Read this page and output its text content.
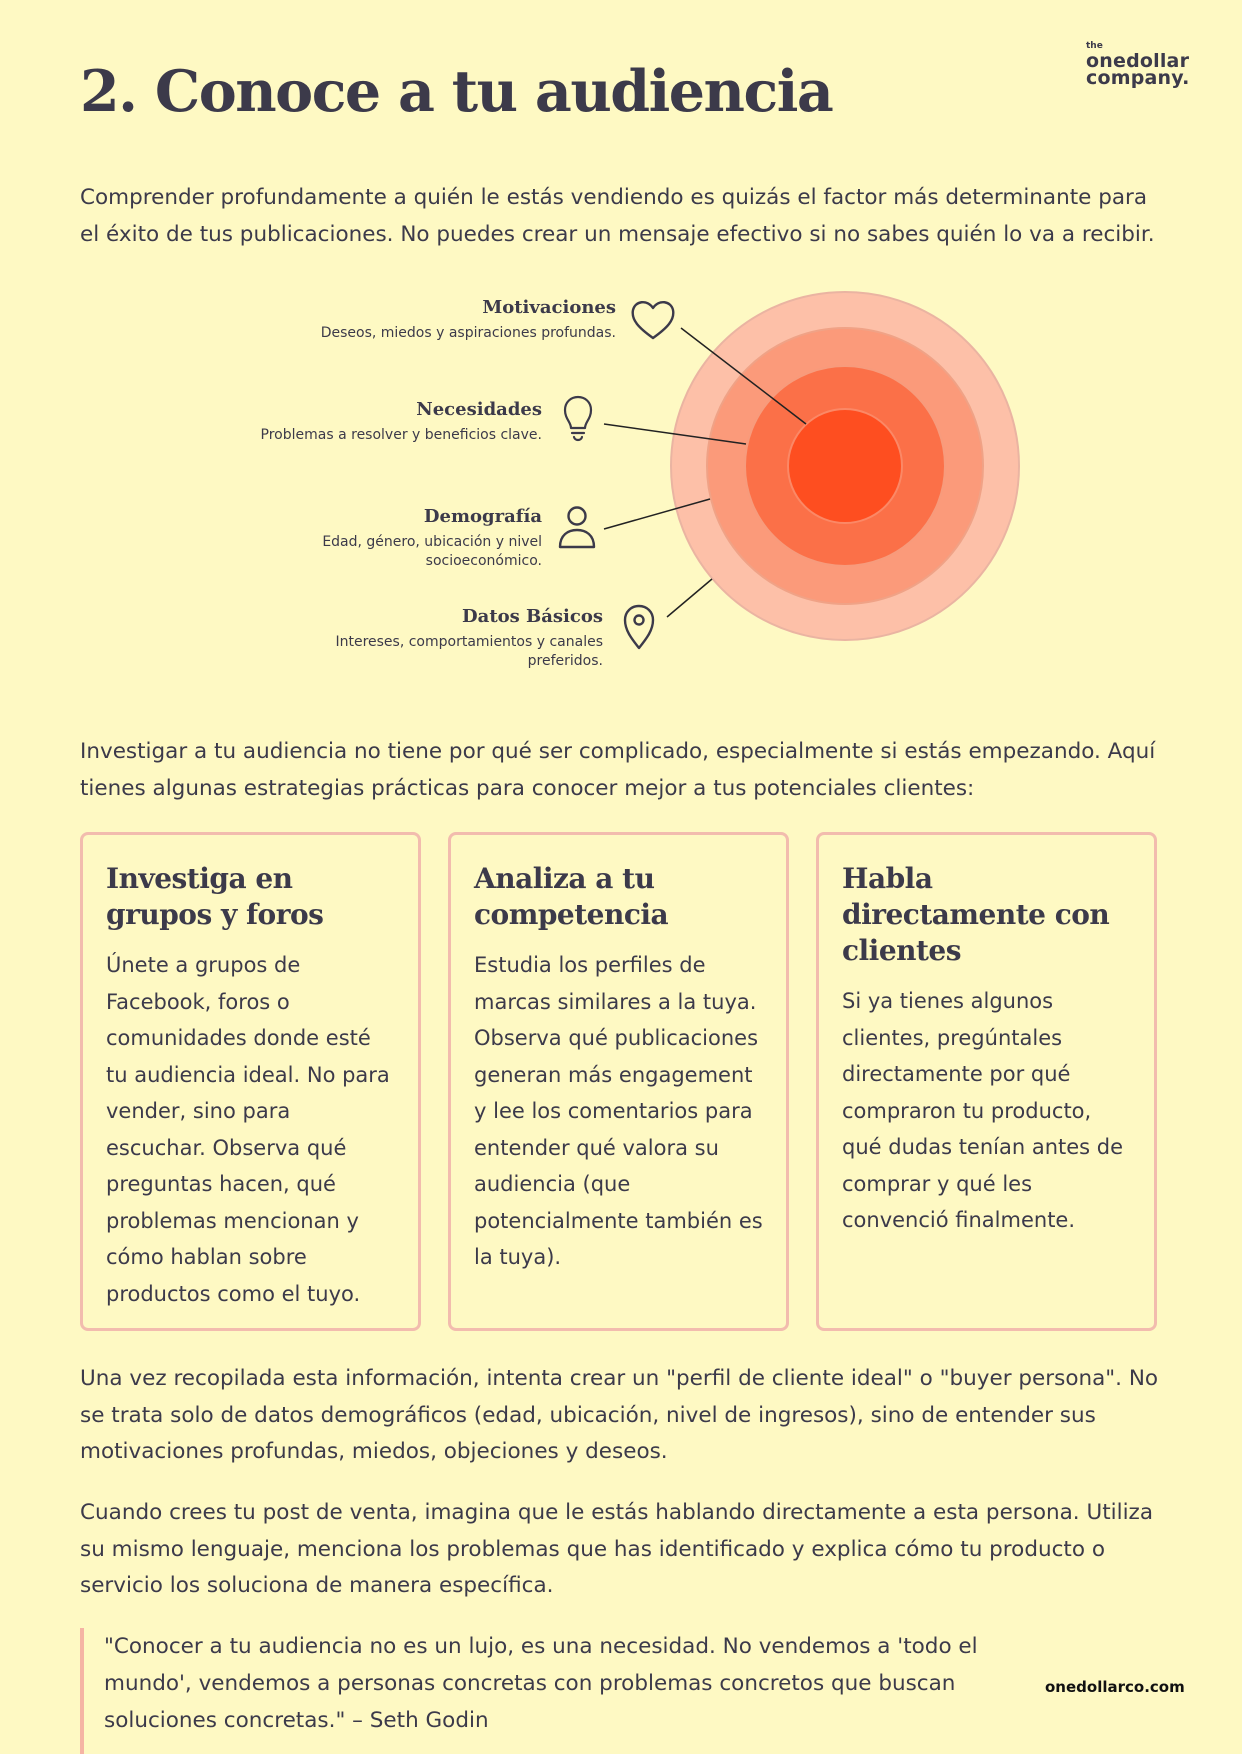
the
onedollar
company.
2. Conoce a tu audiencia

Comprender profundamente a quién le estás vendiendo es quizás el factor más determinante para el éxito de tus publicaciones. No puedes crear un mensaje efectivo si no sabes quién lo va a recibir.

Motivaciones
Deseos, miedos y aspiraciones profundas.
Necesidades
Problemas a resolver y beneficios clave.
Demografía
Edad, género, ubicación y nivel socioeconómico.
Datos Básicos
Intereses, comportamientos y canales preferidos.

Investigar a tu audiencia no tiene por qué ser complicado, especialmente si estás empezando. Aquí tienes algunas estrategias prácticas para conocer mejor a tus potenciales clientes:

Investiga en grupos y foros

Únete a grupos de Facebook, foros o comunidades donde esté tu audiencia ideal. No para vender, sino para escuchar. Observa qué preguntas hacen, qué problemas mencionan y cómo hablan sobre productos como el tuyo.

Analiza a tu competencia

Estudia los perfiles de marcas similares a la tuya. Observa qué publicaciones generan más engagement y lee los comentarios para entender qué valora su audiencia (que potencialmente también es la tuya).

Habla directamente con clientes

Si ya tienes algunos clientes, pregúntales directamente por qué compraron tu producto, qué dudas tenían antes de comprar y qué les convenció finalmente.

Una vez recopilada esta información, intenta crear un "perfil de cliente ideal" o "buyer persona". No se trata solo de datos demográficos (edad, ubicación, nivel de ingresos), sino de entender sus motivaciones profundas, miedos, objeciones y deseos.

Cuando crees tu post de venta, imagina que le estás hablando directamente a esta persona. Utiliza su mismo lenguaje, menciona los problemas que has identificado y explica cómo tu producto o servicio los soluciona de manera específica.

"Conocer a tu audiencia no es un lujo, es una necesidad. No vendemos a 'todo el mundo', vendemos a personas concretas con problemas concretos que buscan soluciones concretas." – Seth Godin

onedollarco.com
